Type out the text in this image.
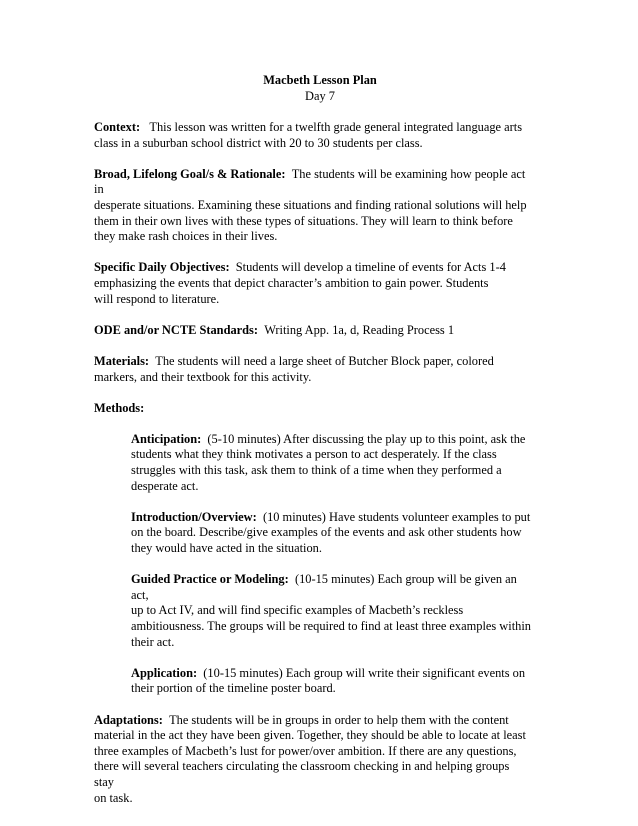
Macbeth Lesson Plan
Day 7
Context: This lesson was written for a twelfth grade general integrated language arts
class in a suburban school district with 20 to 30 students per class.
Broad, Lifelong Goal/s & Rationale: The students will be examining how people act in
desperate situations. Examining these situations and finding rational solutions will help
them in their own lives with these types of situations. They will learn to think before
they make rash choices in their lives.
Specific Daily Objectives: Students will develop a timeline of events for Acts 1-4
emphasizing the events that depict character’s ambition to gain power. Students
will respond to literature.
ODE and/or NCTE Standards: Writing App. 1a, d, Reading Process 1
Materials: The students will need a large sheet of Butcher Block paper, colored
markers, and their textbook for this activity.
Methods:
Anticipation: (5-10 minutes) After discussing the play up to this point, ask the
students what they think motivates a person to act desperately. If the class
struggles with this task, ask them to think of a time when they performed a
desperate act.
Introduction/Overview: (10 minutes) Have students volunteer examples to put
on the board. Describe/give examples of the events and ask other students how
they would have acted in the situation.
Guided Practice or Modeling: (10-15 minutes) Each group will be given an act,
up to Act IV, and will find specific examples of Macbeth’s reckless
ambitiousness. The groups will be required to find at least three examples within
their act.
Application: (10-15 minutes) Each group will write their significant events on
their portion of the timeline poster board.
Adaptations: The students will be in groups in order to help them with the content
material in the act they have been given. Together, they should be able to locate at least
three examples of Macbeth’s lust for power/over ambition. If there are any questions,
there will several teachers circulating the classroom checking in and helping groups stay
on task.
